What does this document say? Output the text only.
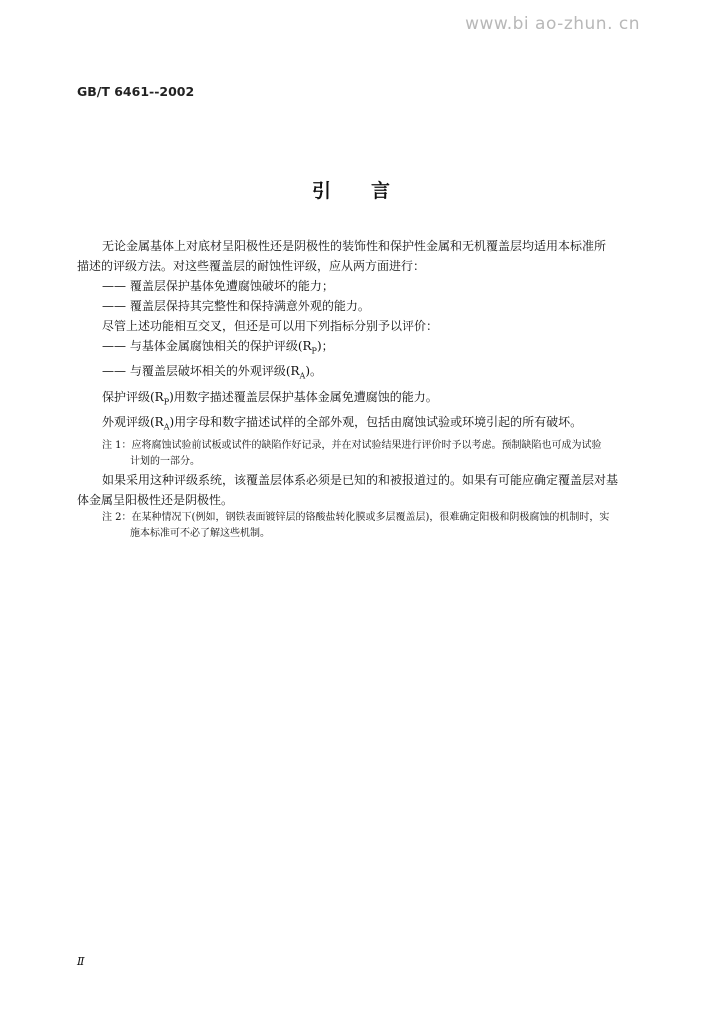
www.bi ao-zhun. cn
GB/T 6461--2002
引言

无论金属基体上对底材呈阳极性还是阴极性的装饰性和保护性金属和无机覆盖层均适用本标准所

描述的评级方法。对这些覆盖层的耐蚀性评级，应从两方面进行：

—— 覆盖层保护基体免遭腐蚀破坏的能力；

—— 覆盖层保持其完整性和保持满意外观的能力。

尽管上述功能相互交叉，但还是可以用下列指标分别予以评价：

—— 与基体金属腐蚀相关的保护评级$(R_P)$；

—— 与覆盖层破坏相关的外观评级$(R_A)$。

保护评级$(R_P)$用数字描述覆盖层保护基体金属免遭腐蚀的能力。

外观评级$(R_A)$用字母和数字描述试样的全部外观，包括由腐蚀试验或环境引起的所有破坏。

注 1：应将腐蚀试验前试板或试件的缺陷作好记录，并在对试验结果进行评价时予以考虑。预制缺陷也可成为试验

计划的一部分。

如果采用这种评级系统，该覆盖层体系必须是已知的和被报道过的。如果有可能应确定覆盖层对基

体金属呈阳极性还是阴极性。

注 2：在某种情况下(例如，钢铁表面镀锌层的铬酸盐转化膜或多层覆盖层)，很难确定阳极和阴极腐蚀的机制时，实

施本标准可不必了解这些机制。

Ⅱ
